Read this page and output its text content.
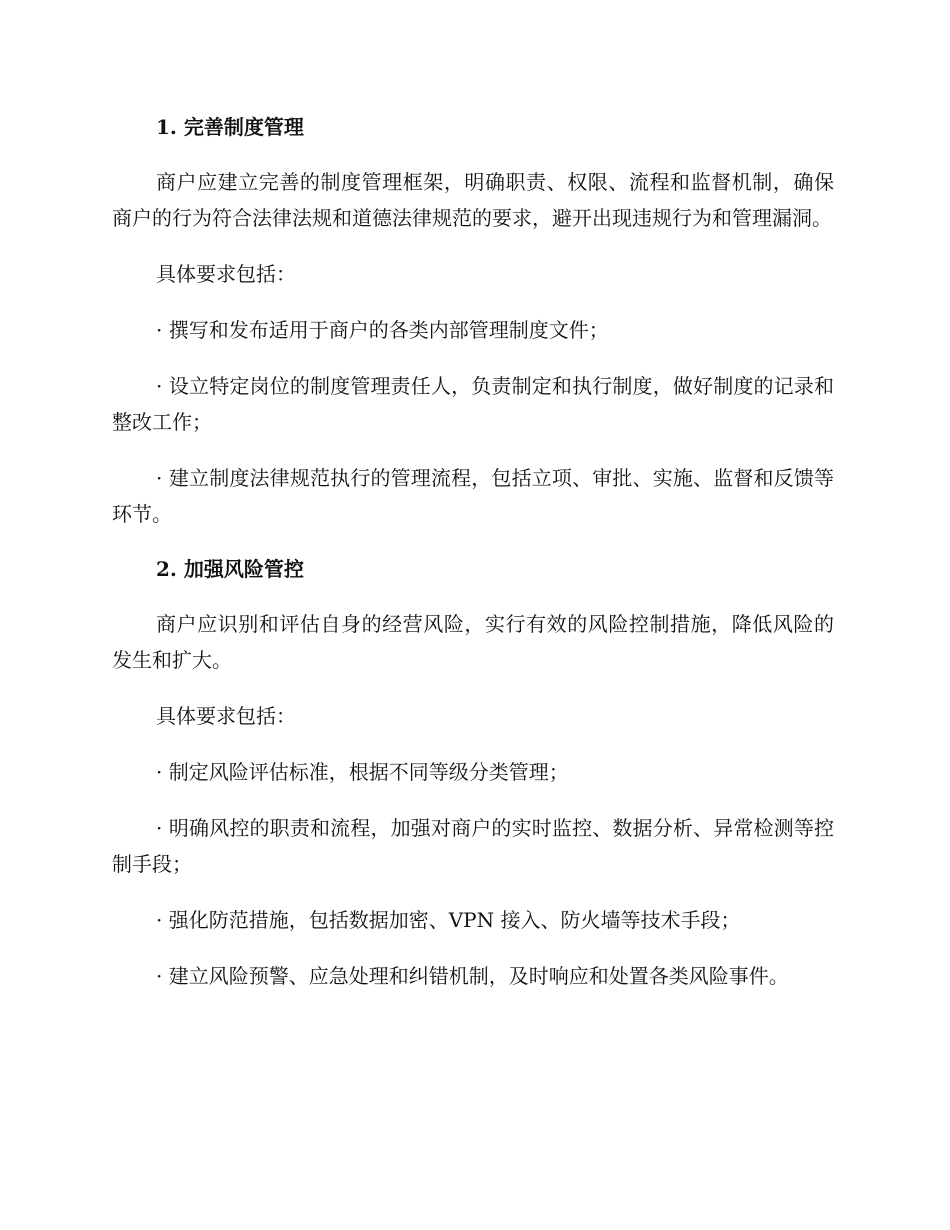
1. 完善制度管理

商户应建立完善的制度管理框架，明确职责、权限、流程和监督机制，确保商户的行为符合法律法规和道德法律规范的要求，避开出现违规行为和管理漏洞。

具体要求包括：

· 撰写和发布适用于商户的各类内部管理制度文件；

· 设立特定岗位的制度管理责任人，负责制定和执行制度，做好制度的记录和整改工作；

· 建立制度法律规范执行的管理流程，包括立项、审批、实施、监督和反馈等环节。

2. 加强风险管控

商户应识别和评估自身的经营风险，实行有效的风险控制措施，降低风险的发生和扩大。

具体要求包括：

· 制定风险评估标准，根据不同等级分类管理；

· 明确风控的职责和流程，加强对商户的实时监控、数据分析、异常检测等控制手段；

· 强化防范措施，包括数据加密、VPN 接入、防火墙等技术手段；

· 建立风险预警、应急处理和纠错机制，及时响应和处置各类风险事件。
